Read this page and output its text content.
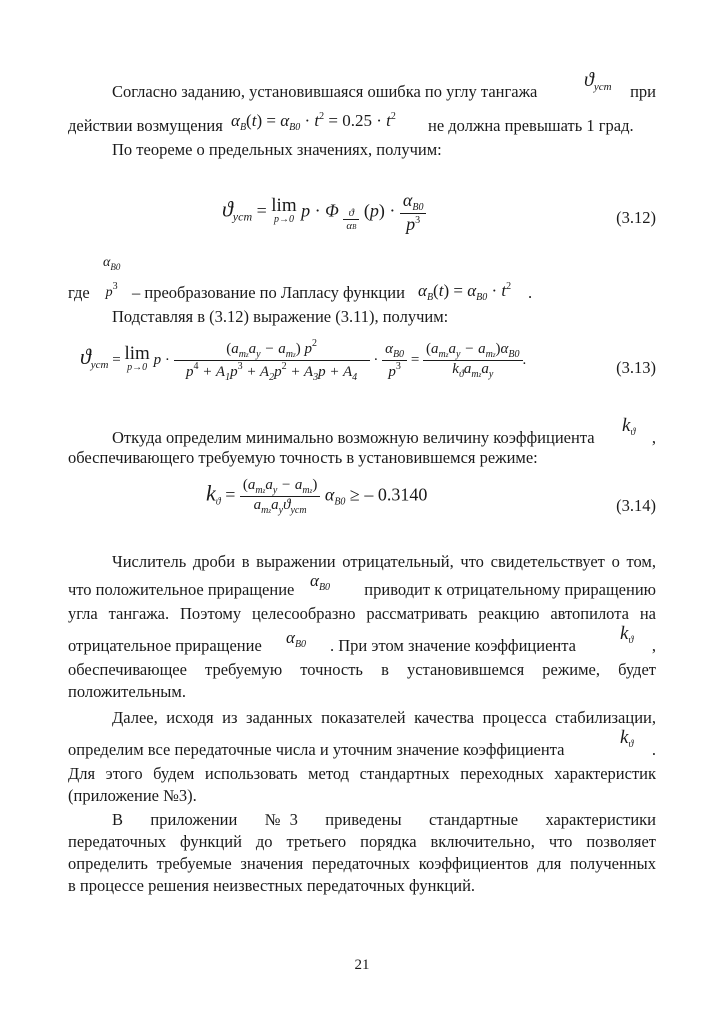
Согласно заданию, установившаяся ошибка по углу тангажа
$ϑ_{уст}$ при
действии возмущения $\alpha_B(t) = \alpha_{B0} \cdot t^2 = 0.25 \cdot t^2$ не должна превышать 1 град.
По теореме о предельных значениях, получим:
$ϑ_{уст} = \lim$
p→0 p · Φ $\frac{ϑ}{\alpha B} (p) \cdot \frac{\alpha_{B0}}{p^3}$	(3.12)
где
$\alpha_{B0}$
$p^3$ – преобразование по Лапласу функции $\alpha_B(t) = \alpha_{B0} \cdot t^2$ .
Подставляя в (3.12) выражение (3.11), получим:
$ϑ_{уст} = \lim$
p→0 $p \cdot \frac{(a_{mz}a_y - a_{mz}) p^2}{p^4 + A_1p^3 + A_2p^2 + A_3p + A_4} \cdot \frac{\alpha_{B0}}{p^3} = \frac{(a_{mz}a_y - a_{mz})\alpha_{B0}}{k_ϑa_{mz}a_y}$ .	(3.13)
Откуда определим минимально возможную величину коэффициента
$k_ϑ$ ,
обеспечивающего требуемую точность в установившемся режиме:
$k_ϑ = \frac{(a_{mz}a_y - a_{mz})}{a_{mz}a_yϑ_{уст}} \alpha_{B0}$ ≥ – 0.3140
(3.14)
Числитель дроби в выражении отрицательный, что свидетельствует о том,
что положительное приращение $\alpha_{B0}$ приводит к отрицательному приращению
угла тангажа. Поэтому целесообразно рассматривать реакцию автопилота на
отрицательное приращение $\alpha_{B0}$ . При этом значение коэффициента
$k_ϑ$ ,
обеспечивающее требуемую точность в установившемся режиме, будет
положительным.
Далее, исходя из заданных показателей качества процесса стабилизации,
определим все передаточные числа и уточним значение коэффициента
$k_ϑ$ .
Для этого будем использовать метод стандартных переходных характеристик
(приложение №3).
В приложении №3 приведены стандартные характеристики
передаточных функций до третьего порядка включительно, что позволяет
определить требуемые значения передаточных коэффициентов для полученных
в процессе решения неизвестных передаточных функций.
21
